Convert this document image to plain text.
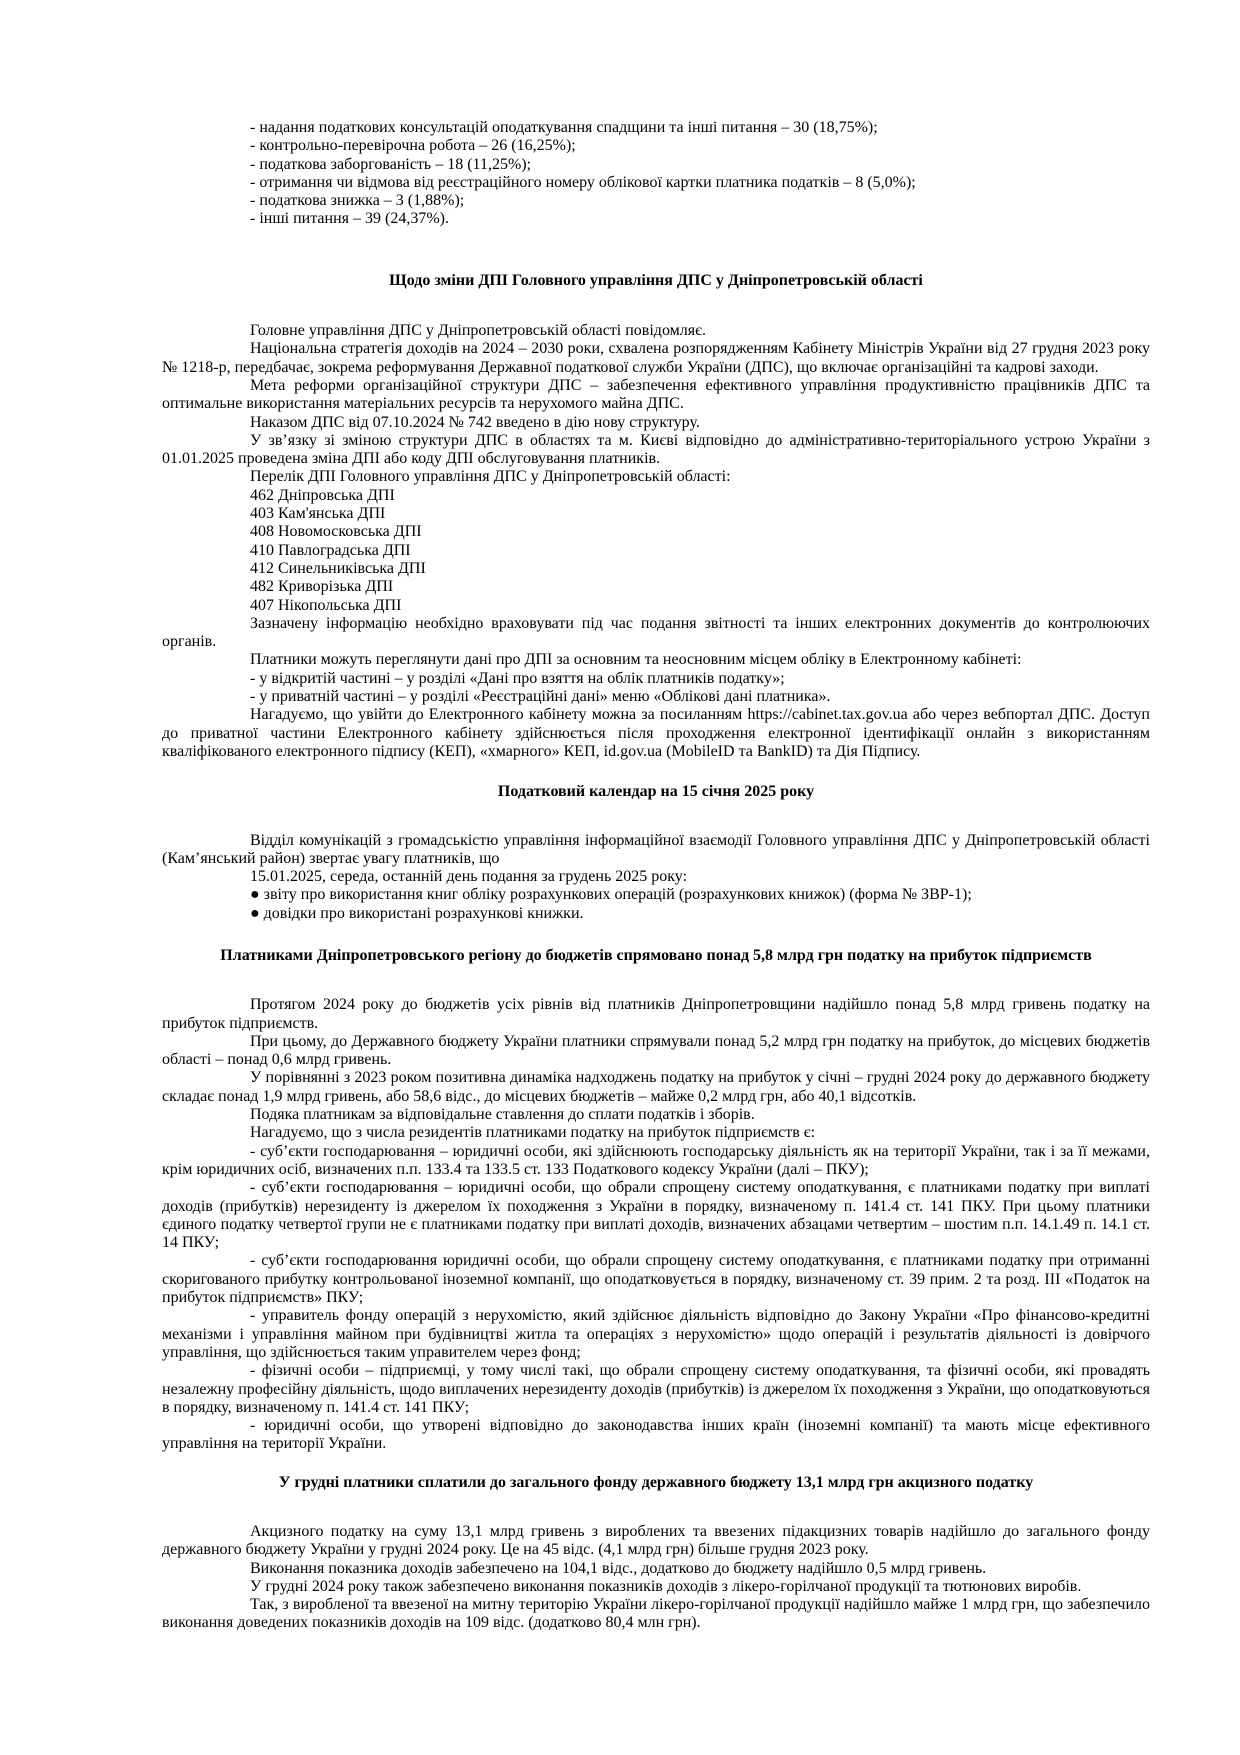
- надання податкових консультацій оподаткування спадщини та інші питання – 30 (18,75%);

- контрольно-перевірочна робота – 26 (16,25%);

- податкова заборгованість – 18 (11,25%);

- отримання чи відмова від реєстраційного номеру облікової картки платника податків – 8 (5,0%);

- податкова знижка – 3 (1,88%);

- інші питання – 39 (24,37%).

Щодо зміни ДПІ Головного управління ДПС у Дніпропетровській області

Головне управління ДПС у Дніпропетровській області повідомляє.

Національна стратегія доходів на 2024 – 2030 роки, схвалена розпорядженням Кабінету Міністрів України від 27 грудня 2023 року № 1218-р, передбачає, зокрема реформування Державної податкової служби України (ДПС), що включає організаційні та кадрові заходи.

Мета реформи організаційної структури ДПС – забезпечення ефективного управління продуктивністю працівників ДПС та оптимальне використання матеріальних ресурсів та нерухомого майна ДПС.

Наказом ДПС від 07.10.2024 № 742 введено в дію нову структуру.

У зв’язку зі зміною структури ДПС в областях та м. Києві відповідно до адміністративно-територіального устрою України з 01.01.2025 проведена зміна ДПІ або коду ДПІ обслуговування платників.

Перелік ДПІ Головного управління ДПС у Дніпропетровській області:

462 Дніпровська ДПІ

403 Кам'янська ДПІ

408 Новомосковська ДПІ

410 Павлоградська ДПІ

412 Синельниківська ДПІ

482 Криворізька ДПІ

407 Нікопольська ДПІ

Зазначену інформацію необхідно враховувати під час подання звітності та інших електронних документів до контролюючих органів.

Платники можуть переглянути дані про ДПІ за основним та неосновним місцем обліку в Електронному кабінеті:

- у відкритій частині – у розділі «Дані про взяття на облік платників податку»;

- у приватній частині – у розділі «Реєстраційні дані» меню «Облікові дані платника».

Нагадуємо, що увійти до Електронного кабінету можна за посиланням https://cabinet.tax.gov.ua або через вебпортал ДПС. Доступ до приватної частини Електронного кабінету здійснюється після проходження електронної ідентифікації онлайн з використанням кваліфікованого електронного підпису (КЕП), «хмарного» КЕП, id.gov.ua (MobileID та BankID) та Дія Підпису.

Податковий календар на 15 січня 2025 року

Відділ комунікацій з громадськістю управління інформаційної взаємодії Головного управління ДПС у Дніпропетровській області (Кам’янський район) звертає увагу платників, що

15.01.2025, середа, останній день подання за грудень 2025 року:

● звіту про використання книг обліку розрахункових операцій (розрахункових книжок) (форма № ЗВР-1);

● довідки про використані розрахункові книжки.

Платниками Дніпропетровського регіону до бюджетів спрямовано понад 5,8 млрд грн податку на прибуток підприємств

Протягом 2024 року до бюджетів усіх рівнів від платників Дніпропетровщини надійшло понад 5,8 млрд гривень податку на прибуток підприємств.

При цьому, до Державного бюджету України платники спрямували понад 5,2 млрд грн податку на прибуток, до місцевих бюджетів області – понад 0,6 млрд гривень.

У порівнянні з 2023 роком позитивна динаміка надходжень податку на прибуток у січні – грудні 2024 року до державного бюджету складає понад 1,9 млрд гривень, або 58,6 відс., до місцевих бюджетів – майже 0,2 млрд грн, або 40,1 відсотків.

Подяка платникам за відповідальне ставлення до сплати податків і зборів.

Нагадуємо, що з числа резидентів платниками податку на прибуток підприємств є:

- суб’єкти господарювання – юридичні особи, які здійснюють господарську діяльність як на території України, так і за її межами, крім юридичних осіб, визначених п.п. 133.4 та 133.5 ст. 133 Податкового кодексу України (далі – ПКУ);

- суб’єкти господарювання – юридичні особи, що обрали спрощену систему оподаткування, є платниками податку при виплаті доходів (прибутків) нерезиденту із джерелом їх походження з України в порядку, визначеному п. 141.4 ст. 141 ПКУ. При цьому платники єдиного податку четвертої групи не є платниками податку при виплаті доходів, визначених абзацами четвертим – шостим п.п. 14.1.49 п. 14.1 ст. 14 ПКУ;

- суб’єкти господарювання юридичні особи, що обрали спрощену систему оподаткування, є платниками податку при отриманні скоригованого прибутку контрольованої іноземної компанії, що оподатковується в порядку, визначеному ст. 39 прим. 2 та розд. ІІІ «Податок на прибуток підприємств» ПКУ;

- управитель фонду операцій з нерухомістю, який здійснює діяльність відповідно до Закону України «Про фінансово-кредитні механізми і управління майном при будівництві житла та операціях з нерухомістю» щодо операцій і результатів діяльності із довірчого управління, що здійснюється таким управителем через фонд;

- фізичні особи – підприємці, у тому числі такі, що обрали спрощену систему оподаткування, та фізичні особи, які провадять незалежну професійну діяльність, щодо виплачених нерезиденту доходів (прибутків) із джерелом їх походження з України, що оподатковуються в порядку, визначеному п. 141.4 ст. 141 ПКУ;

- юридичні особи, що утворені відповідно до законодавства інших країн (іноземні компанії) та мають місце ефективного управління на території України.

У грудні платники сплатили до загального фонду державного бюджету 13,1 млрд грн акцизного податку

Акцизного податку на суму 13,1 млрд гривень з вироблених та ввезених підакцизних товарів надійшло до загального фонду державного бюджету України у грудні 2024 року. Це на 45 відс. (4,1 млрд грн) більше грудня 2023 року.

Виконання показника доходів забезпечено на 104,1 відс., додатково до бюджету надійшло 0,5 млрд гривень.

У грудні 2024 року також забезпечено виконання показників доходів з лікеро-горілчаної продукції та тютюнових виробів.

Так, з виробленої та ввезеної на митну територію України лікеро-горілчаної продукції надійшло майже 1 млрд грн, що забезпечило виконання доведених показників доходів на 109 відс. (додатково 80,4 млн грн).
